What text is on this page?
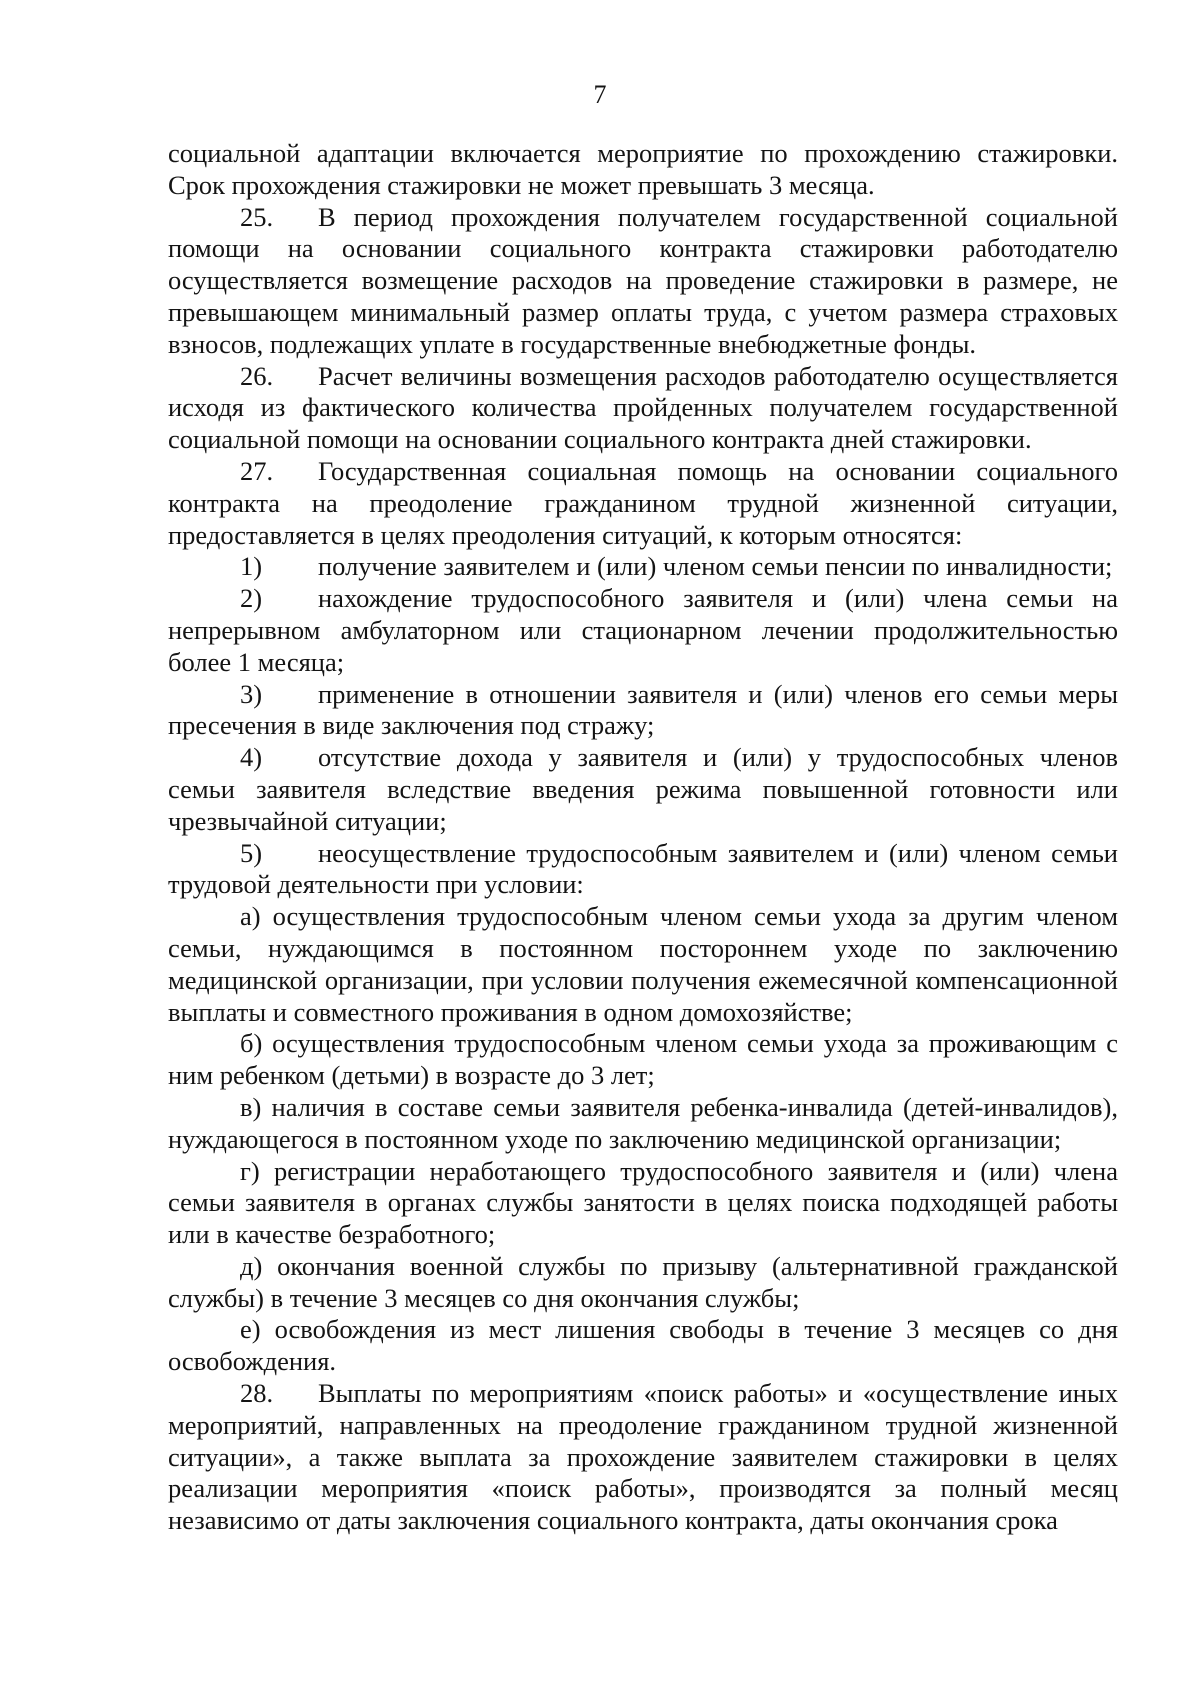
7

социальной адаптации включается мероприятие по прохождению стажировки. Срок прохождения стажировки не может превышать 3 месяца.

25. В период прохождения получателем государственной социальной помощи на основании социального контракта стажировки работодателю осуществляется возмещение расходов на проведение стажировки в размере, не превышающем минимальный размер оплаты труда, с учетом размера страховых взносов, подлежащих уплате в государственные внебюджетные фонды.

26. Расчет величины возмещения расходов работодателю осуществляется исходя из фактического количества пройденных получателем государственной социальной помощи на основании социального контракта дней стажировки.

27. Государственная социальная помощь на основании социального контракта на преодоление гражданином трудной жизненной ситуации, предоставляется в целях преодоления ситуаций, к которым относятся:

1) получение заявителем и (или) членом семьи пенсии по инвалидности;

2) нахождение трудоспособного заявителя и (или) члена семьи на непрерывном амбулаторном или стационарном лечении продолжительностью более 1 месяца;

3) применение в отношении заявителя и (или) членов его семьи меры пресечения в виде заключения под стражу;

4) отсутствие дохода у заявителя и (или) у трудоспособных членов семьи заявителя вследствие введения режима повышенной готовности или чрезвычайной ситуации;

5) неосуществление трудоспособным заявителем и (или) членом семьи трудовой деятельности при условии:

а) осуществления трудоспособным членом семьи ухода за другим членом семьи, нуждающимся в постоянном постороннем уходе по заключению медицинской организации, при условии получения ежемесячной компенсационной выплаты и совместного проживания в одном домохозяйстве;

б) осуществления трудоспособным членом семьи ухода за проживающим с ним ребенком (детьми) в возрасте до 3 лет;

в) наличия в составе семьи заявителя ребенка-инвалида (детей-инвалидов), нуждающегося в постоянном уходе по заключению медицинской организации;

г) регистрации неработающего трудоспособного заявителя и (или) члена семьи заявителя в органах службы занятости в целях поиска подходящей работы или в качестве безработного;

д) окончания военной службы по призыву (альтернативной гражданской службы) в течение 3 месяцев со дня окончания службы;

е) освобождения из мест лишения свободы в течение 3 месяцев со дня освобождения.

28. Выплаты по мероприятиям «поиск работы» и «осуществление иных мероприятий, направленных на преодоление гражданином трудной жизненной ситуации», а также выплата за прохождение заявителем стажировки в целях реализации мероприятия «поиск работы», производятся за полный месяц независимо от даты заключения социального контракта, даты окончания срока
